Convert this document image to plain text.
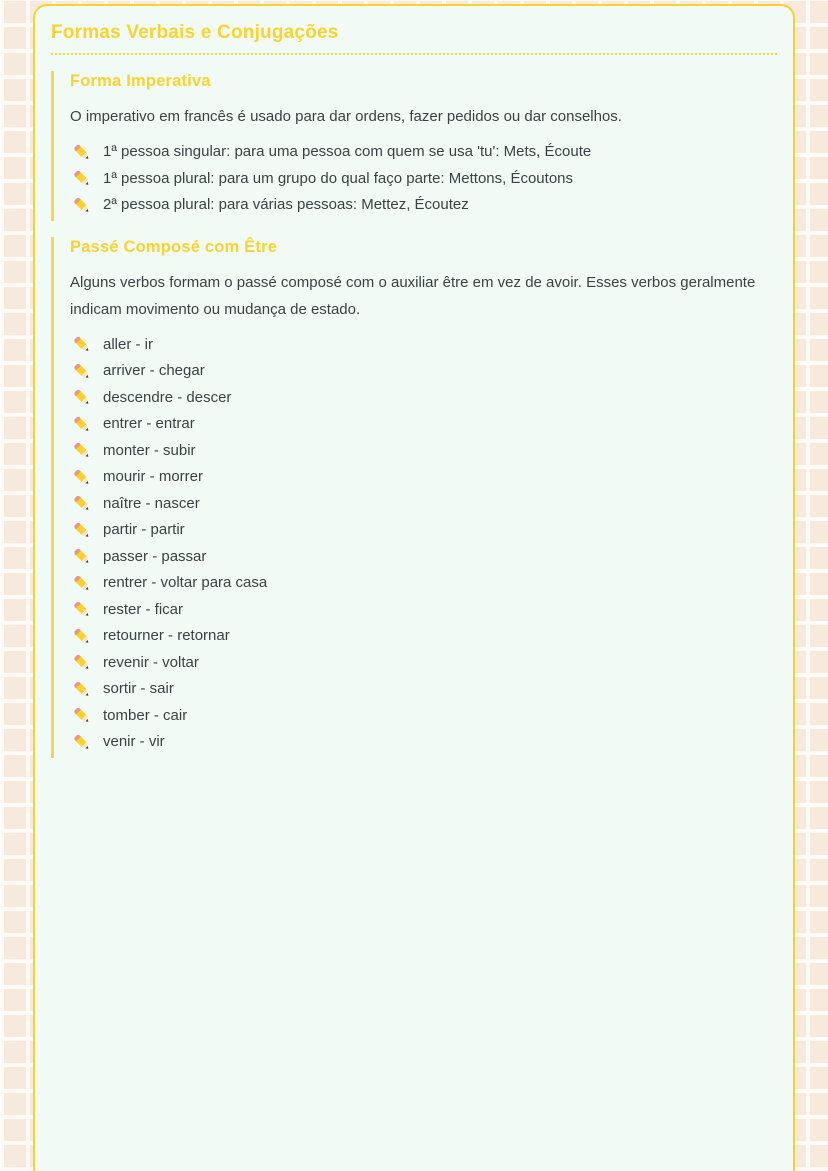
Formas Verbais e Conjugações
Forma Imperativa

O imperativo em francês é usado para dar ordens, fazer pedidos ou dar conselhos.

1ª pessoa singular: para uma pessoa com quem se usa 'tu': Mets, Écoute
1ª pessoa plural: para um grupo do qual faço parte: Mettons, Écoutons
2ª pessoa plural: para várias pessoas: Mettez, Écoutez
Passé Composé com Être

Alguns verbos formam o passé composé com o auxiliar être em vez de avoir. Esses verbos geralmente indicam movimento ou mudança de estado.

aller - ir
arriver - chegar
descendre - descer
entrer - entrar
monter - subir
mourir - morrer
naître - nascer
partir - partir
passer - passar
rentrer - voltar para casa
rester - ficar
retourner - retornar
revenir - voltar
sortir - sair
tomber - cair
venir - vir
